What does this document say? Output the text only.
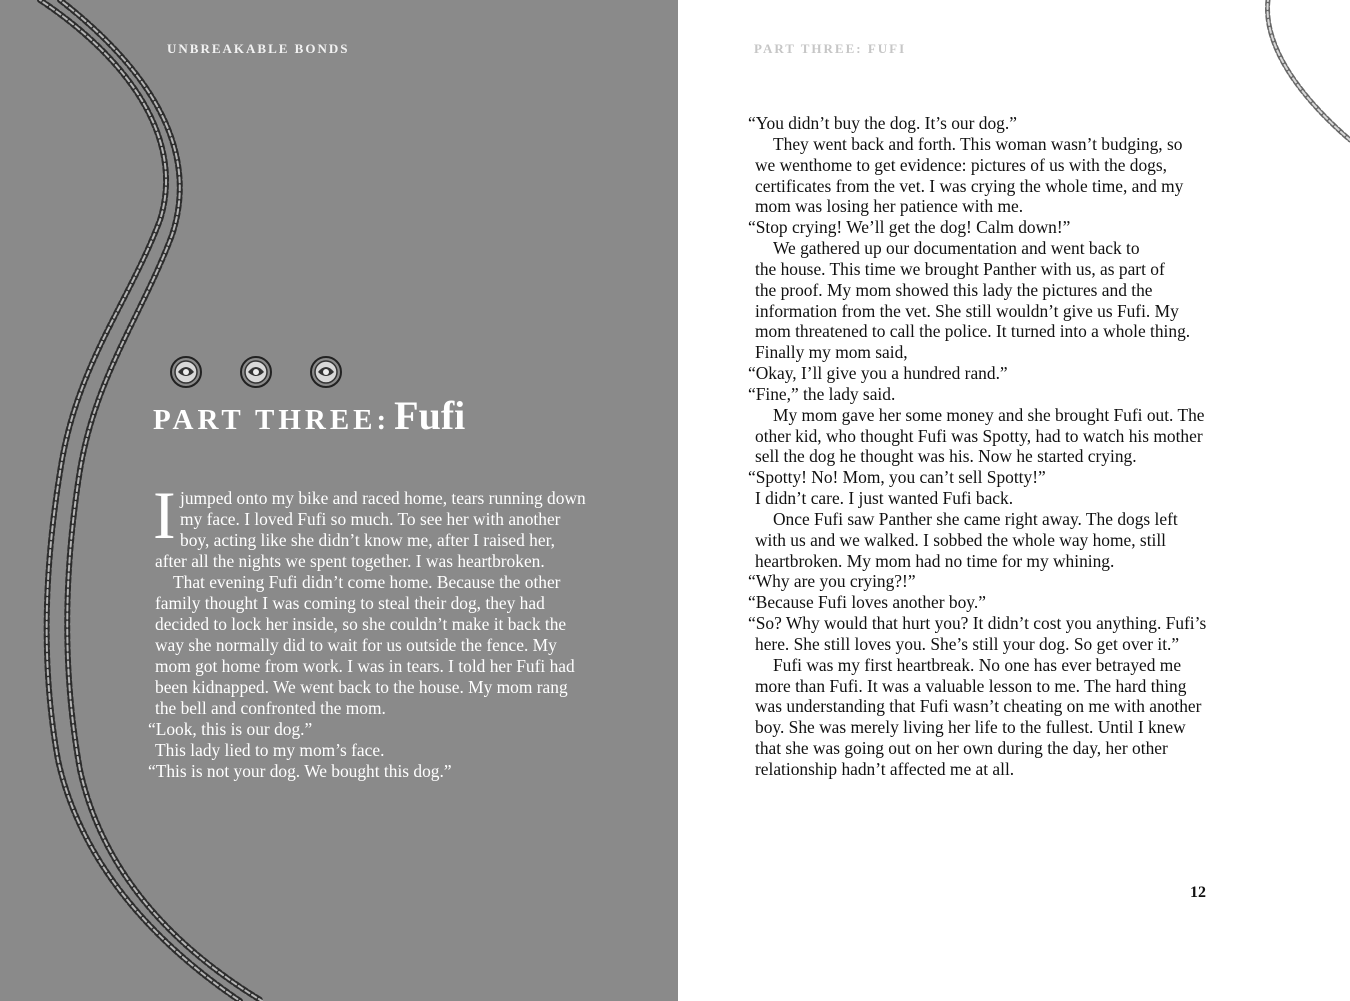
UNBREAKABLE BONDS
PART THREE: Fufi
I jumped onto my bike and raced home, tears running down
my face. I loved Fufi so much. To see her with another
boy, acting like she didn’t know me, after I raised her,
after all the nights we spent together. I was heartbroken.
That evening Fufi didn’t come home. Because the other
family thought I was coming to steal their dog, they had
decided to lock her inside, so she couldn’t make it back the
way she normally did to wait for us outside the fence. My
mom got home from work. I was in tears. I told her Fufi had
been kidnapped. We went back to the house. My mom rang
the bell and confronted the mom.
“Look, this is our dog.”
This lady lied to my mom’s face.
“This is not your dog. We bought this dog.”
PART THREE: FUFI
“You didn’t buy the dog. It’s our dog.”
They went back and forth. This woman wasn’t budging, so
we wenthome to get evidence: pictures of us with the dogs,
certificates from the vet. I was crying the whole time, and my
mom was losing her patience with me.
“Stop crying! We’ll get the dog! Calm down!”
We gathered up our documentation and went back to
the house. This time we brought Panther with us, as part of
the proof. My mom showed this lady the pictures and the
information from the vet. She still wouldn’t give us Fufi. My
mom threatened to call the police. It turned into a whole thing.
Finally my mom said,
“Okay, I’ll give you a hundred rand.”
“Fine,” the lady said.
My mom gave her some money and she brought Fufi out. The
other kid, who thought Fufi was Spotty, had to watch his mother
sell the dog he thought was his. Now he started crying.
“Spotty! No! Mom, you can’t sell Spotty!”
I didn’t care. I just wanted Fufi back.
Once Fufi saw Panther she came right away. The dogs left
with us and we walked. I sobbed the whole way home, still
heartbroken. My mom had no time for my whining.
“Why are you crying?!”
“Because Fufi loves another boy.”
“So? Why would that hurt you? It didn’t cost you anything. Fufi’s
here. She still loves you. She’s still your dog. So get over it.”
Fufi was my first heartbreak. No one has ever betrayed me
more than Fufi. It was a valuable lesson to me. The hard thing
was understanding that Fufi wasn’t cheating on me with another
boy. She was merely living her life to the fullest. Until I knew
that she was going out on her own during the day, her other
relationship hadn’t affected me at all.
12
